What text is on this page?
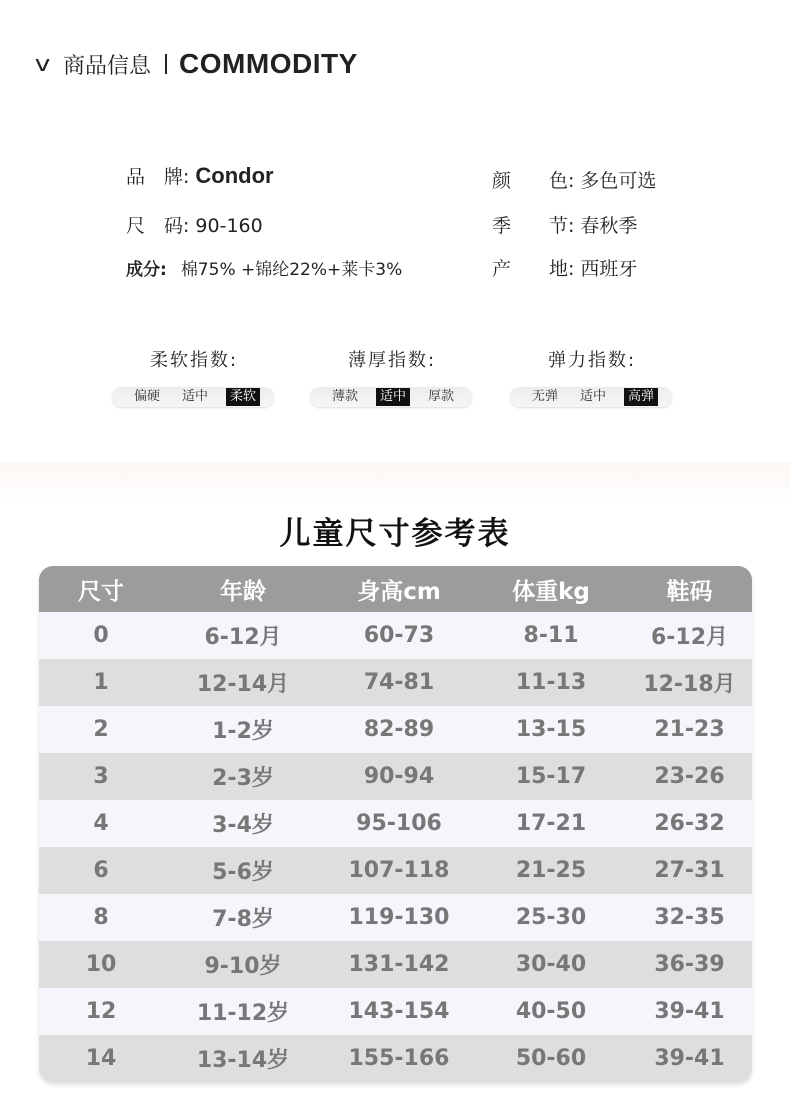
v 商品信息 COMMODITY
品　牌: Condor	颜　　色: 多色可选
尺　码: 90-160	季　　节: 春秋季
成分: 棉75% +锦纶22%+莱卡3%	产　　地: 西班牙
柔软指数:
偏硬	适中	柔软
薄厚指数:
薄款	适中	厚款
弹力指数:
无弹	适中	高弹
儿童尺寸参考表
尺寸	年龄	身高cm	体重kg	鞋码
0	6-12月	60-73	8-11	6-12月
1	12-14月	74-81	11-13	12-18月
2	1-2岁	82-89	13-15	21-23
3	2-3岁	90-94	15-17	23-26
4	3-4岁	95-106	17-21	26-32
6	5-6岁	107-118	21-25	27-31
8	7-8岁	119-130	25-30	32-35
10	9-10岁	131-142	30-40	36-39
12	11-12岁	143-154	40-50	39-41
14	13-14岁	155-166	50-60	39-41
